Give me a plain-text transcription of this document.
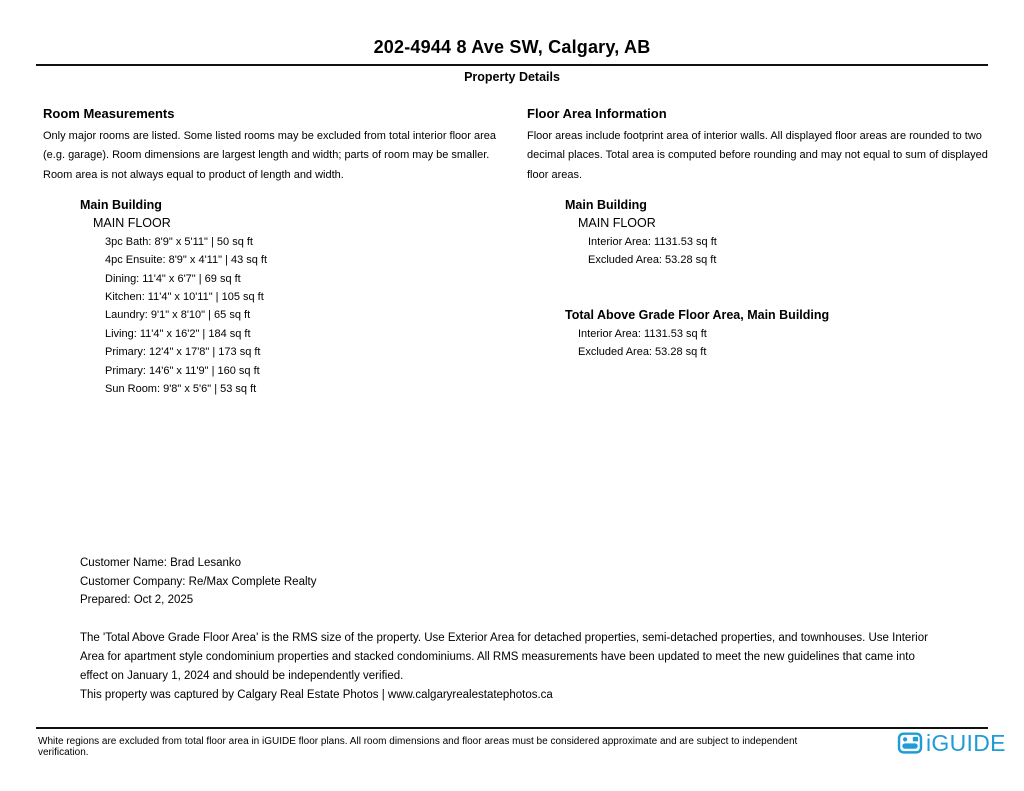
202-4944 8 Ave SW, Calgary, AB
Property Details
Room Measurements
Only major rooms are listed. Some listed rooms may be excluded from total interior floor area (e.g. garage). Room dimensions are largest length and width; parts of room may be smaller. Room area is not always equal to product of length and width.
Floor Area Information
Floor areas include footprint area of interior walls. All displayed floor areas are rounded to two decimal places. Total area is computed before rounding and may not equal to sum of displayed floor areas.
Main Building
MAIN FLOOR
3pc Bath: 8'9" x 5'11" | 50 sq ft
4pc Ensuite: 8'9" x 4'11" | 43 sq ft
Dining: 11'4" x 6'7" | 69 sq ft
Kitchen: 11'4" x 10'11" | 105 sq ft
Laundry: 9'1" x 8'10" | 65 sq ft
Living: 11'4" x 16'2" | 184 sq ft
Primary: 12'4" x 17'8" | 173 sq ft
Primary: 14'6" x 11'9" | 160 sq ft
Sun Room: 9'8" x 5'6" | 53 sq ft
Main Building
MAIN FLOOR
Interior Area: 1131.53 sq ft
Excluded Area: 53.28 sq ft
Total Above Grade Floor Area, Main Building
Interior Area: 1131.53 sq ft
Excluded Area: 53.28 sq ft
Customer Name: Brad Lesanko
Customer Company: Re/Max Complete Realty
Prepared: Oct 2, 2025
The 'Total Above Grade Floor Area' is the RMS size of the property. Use Exterior Area for detached properties, semi-detached properties, and townhouses. Use Interior Area for apartment style condominium properties and stacked condominiums. All RMS measurements have been updated to meet the new guidelines that came into effect on January 1, 2024 and should be independently verified.
This property was captured by Calgary Real Estate Photos | www.calgaryrealestatephotos.ca
White regions are excluded from total floor area in iGUIDE floor plans. All room dimensions and floor areas must be considered approximate and are subject to independent verification.	iGUIDE
